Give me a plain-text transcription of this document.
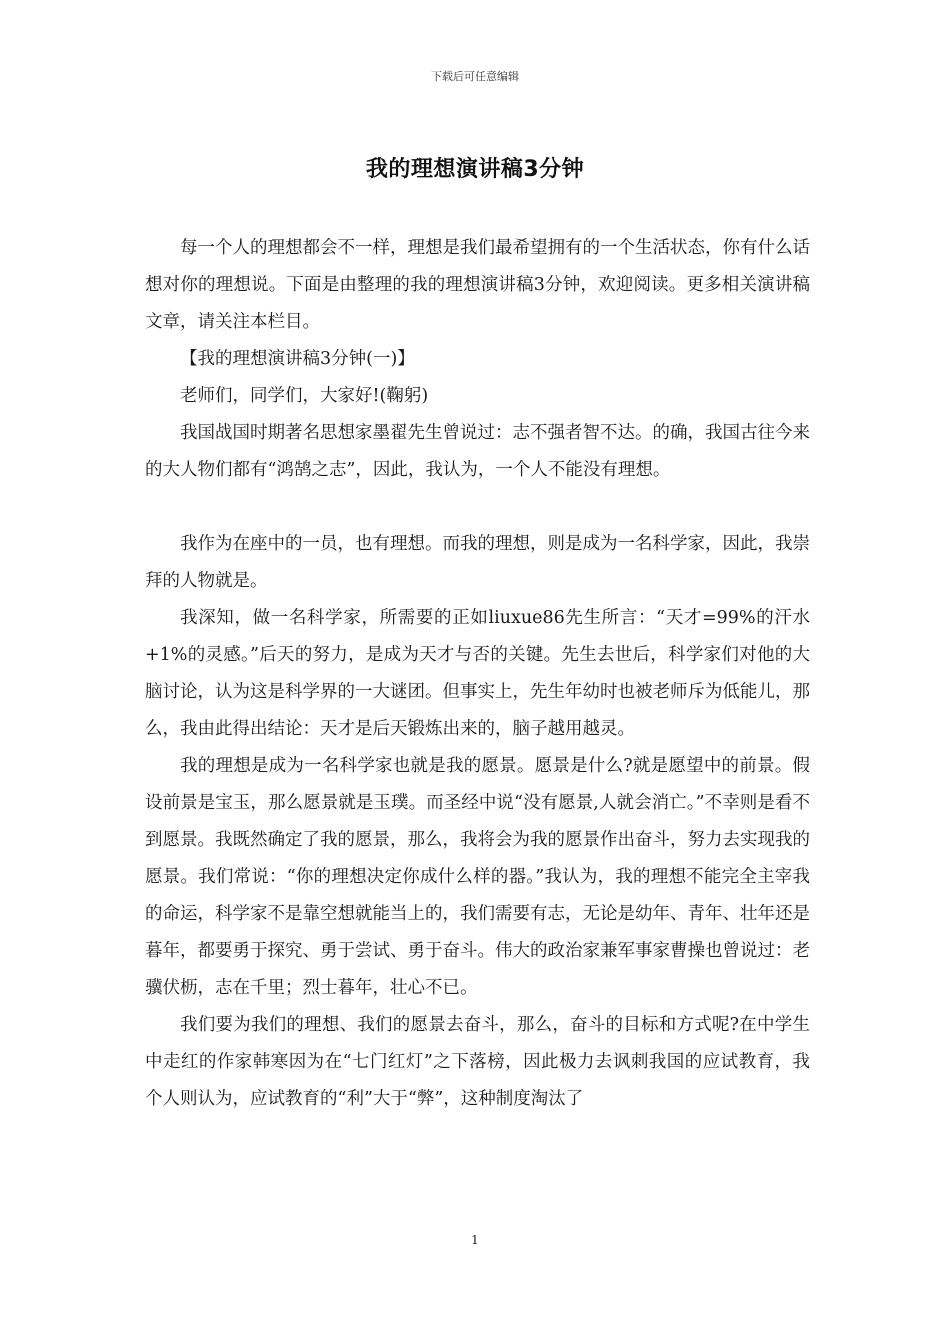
下载后可任意编辑
我的理想演讲稿3分钟

每一个人的理想都会不一样，理想是我们最希望拥有的一个生活状态，你有什么话想对你的理想说。下面是由整理的我的理想演讲稿3分钟，欢迎阅读。更多相关演讲稿文章，请关注本栏目。

【我的理想演讲稿3分钟(一)】

老师们，同学们，大家好!(鞠躬)

我国战国时期著名思想家墨翟先生曾说过：志不强者智不达。的确，我国古往今来的大人物们都有“鸿鹄之志”，因此，我认为，一个人不能没有理想。

我作为在座中的一员，也有理想。而我的理想，则是成为一名科学家，因此，我崇拜的人物就是。

我深知，做一名科学家，所需要的正如liuxue86先生所言：“天才=99%的汗水+1%的灵感。”后天的努力，是成为天才与否的关键。先生去世后，科学家们对他的大脑讨论，认为这是科学界的一大谜团。但事实上，先生年幼时也被老师斥为低能儿，那么，我由此得出结论：天才是后天锻炼出来的，脑子越用越灵。

我的理想是成为一名科学家也就是我的愿景。愿景是什么?就是愿望中的前景。假设前景是宝玉，那么愿景就是玉璞。而圣经中说“没有愿景,人就会消亡。”不幸则是看不到愿景。我既然确定了我的愿景，那么，我将会为我的愿景作出奋斗，努力去实现我的愿景。我们常说：“你的理想决定你成什么样的器。”我认为，我的理想不能完全主宰我的命运，科学家不是靠空想就能当上的，我们需要有志，无论是幼年、青年、壮年还是暮年，都要勇于探究、勇于尝试、勇于奋斗。伟大的政治家兼军事家曹操也曾说过：老骥伏枥，志在千里；烈士暮年，壮心不已。

我们要为我们的理想、我们的愿景去奋斗，那么，奋斗的目标和方式呢?在中学生中走红的作家韩寒因为在“七门红灯”之下落榜，因此极力去讽刺我国的应试教育，我个人则认为，应试教育的“利”大于“弊”，这种制度淘汰了

1
